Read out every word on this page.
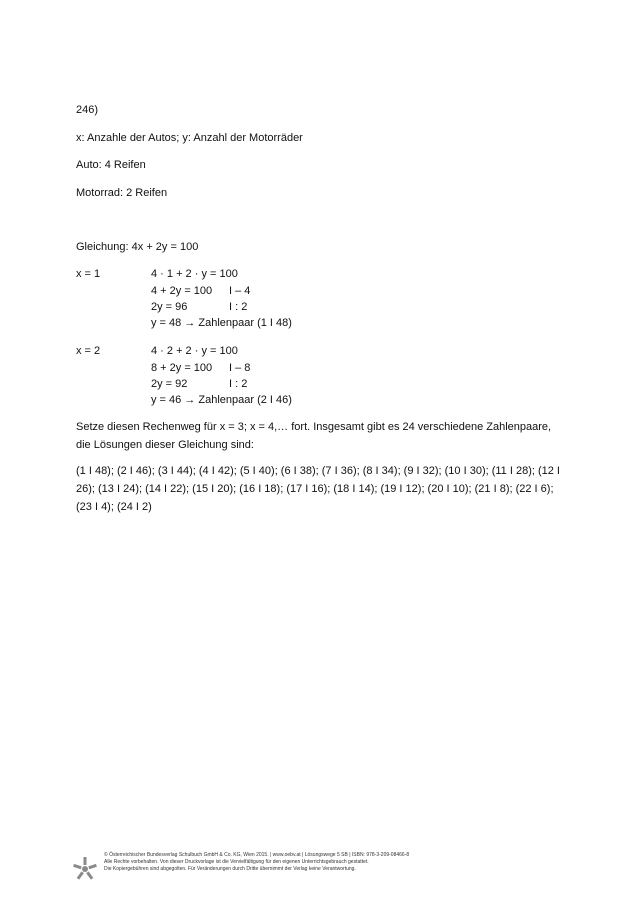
246)
x: Anzahle der Autos; y: Anzahl der Motorräder
Auto: 4 Reifen
Motorrad: 2 Reifen
Gleichung: 4x + 2y = 100
x = 1	4 · 1 + 2 · y = 100
4 + 2y = 100 I – 4
2y = 96	I : 2
y = 48 → Zahlenpaar (1 I 48)
x = 2	4 · 2 + 2 · y = 100
8 + 2y = 100 I – 8
2y = 92	I : 2
y = 46 → Zahlenpaar (2 I 46)
Setze diesen Rechenweg für x = 3; x = 4,… fort. Insgesamt gibt es 24 verschiedene Zahlenpaare, die Lösungen dieser Gleichung sind:
(1 I 48); (2 I 46); (3 I 44); (4 I 42); (5 I 40); (6 I 38); (7 I 36); (8 I 34); (9 I 32); (10 I 30); (11 I 28); (12 I 26); (13 I 24); (14 I 22); (15 I 20); (16 I 18); (17 I 16); (18 I 14); (19 I 12); (20 I 10); (21 I 8); (22 I 6); (23 I 4); (24 I 2)
© Österreichischer Bundesverlag Schulbuch GmbH & Co. KG, Wien 2015. | www.oebv.at | Lösungswege 5 SB | ISBN: 978-3-209-08466-8
Alle Rechte vorbehalten. Von dieser Druckvorlage ist die Vervielfältigung für den eigenen Unterrichtsgebrauch gestattet.
Die Kopiergebühren sind abgegolten. Für Veränderungen durch Dritte übernimmt der Verlag keine Verantwortung.
